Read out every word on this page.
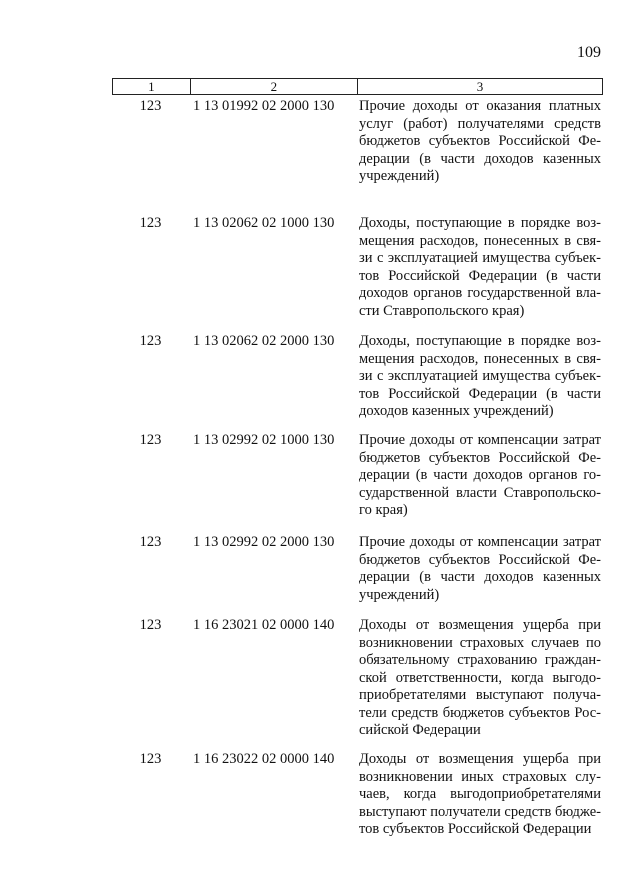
109
1	2	3
123	1 13 01992 02 2000 130	Прочие доходы от оказания платных
услуг (работ) получателями средств
бюджетов субъектов Российской Фе-
дерации (в части доходов казенных
учреждений)
123	1 13 02062 02 1000 130	Доходы, поступающие в порядке воз-
мещения расходов, понесенных в свя-
зи с эксплуатацией имущества субъек-
тов Российской Федерации (в части
доходов органов государственной вла-
сти Ставропольского края)
123	1 13 02062 02 2000 130	Доходы, поступающие в порядке воз-
мещения расходов, понесенных в свя-
зи с эксплуатацией имущества субъек-
тов Российской Федерации (в части
доходов казенных учреждений)
123	1 13 02992 02 1000 130	Прочие доходы от компенсации затрат
бюджетов субъектов Российской Фе-
дерации (в части доходов органов го-
сударственной власти Ставропольско-
го края)
123	1 13 02992 02 2000 130	Прочие доходы от компенсации затрат
бюджетов субъектов Российской Фе-
дерации (в части доходов казенных
учреждений)
123	1 16 23021 02 0000 140	Доходы от возмещения ущерба при
возникновении страховых случаев по
обязательному страхованию граждан-
ской ответственности, когда выгодо-
приобретателями выступают получа-
тели средств бюджетов субъектов Рос-
сийской Федерации
123	1 16 23022 02 0000 140	Доходы от возмещения ущерба при
возникновении иных страховых слу-
чаев, когда выгодоприобретателями
выступают получатели средств бюдже-
тов субъектов Российской Федерации
